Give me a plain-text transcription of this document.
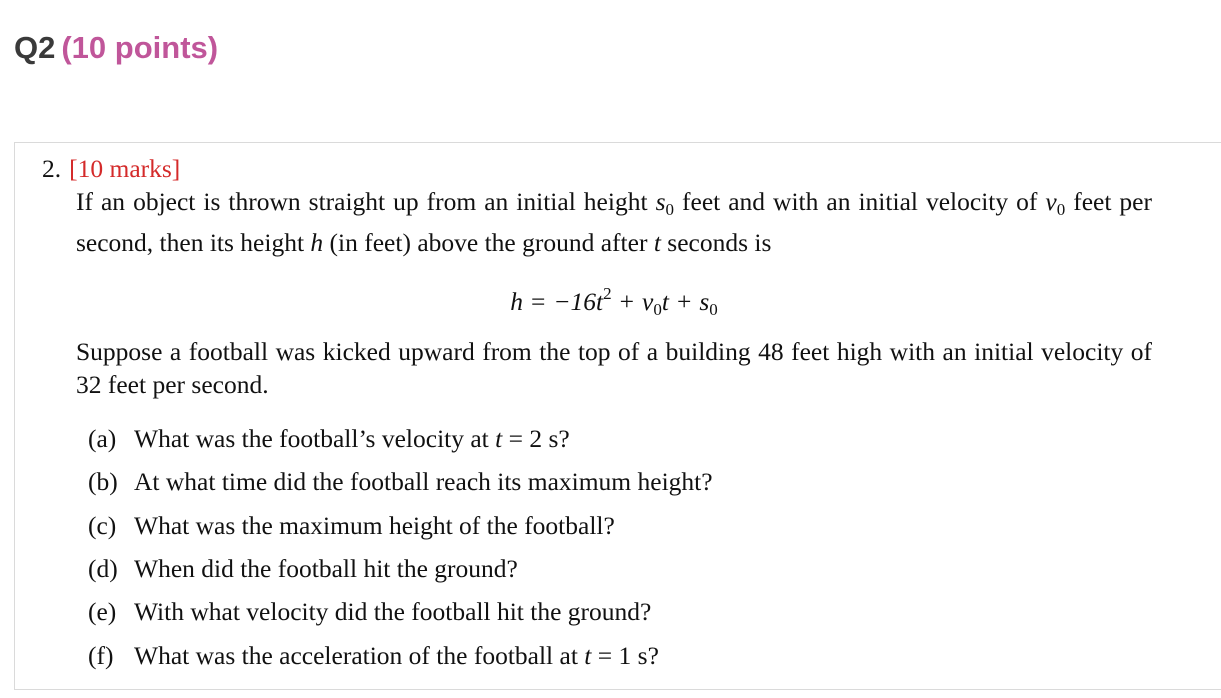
Q2 (10 points)
2. [10 marks]
If an object is thrown straight up from an initial height $s_0$ feet and with an initial velocity of $v_0$ feet per second, then its height h (in feet) above the ground after t seconds is
$h = -16t^2 + v_0t + s_0$
Suppose a football was kicked upward from the top of a building 48 feet high with an initial velocity of 32 feet per second.
(a) What was the football’s velocity at t = 2 s?
(b) At what time did the football reach its maximum height?
(c) What was the maximum height of the football?
(d) When did the football hit the ground?
(e) With what velocity did the football hit the ground?
(f) What was the acceleration of the football at t = 1 s?
